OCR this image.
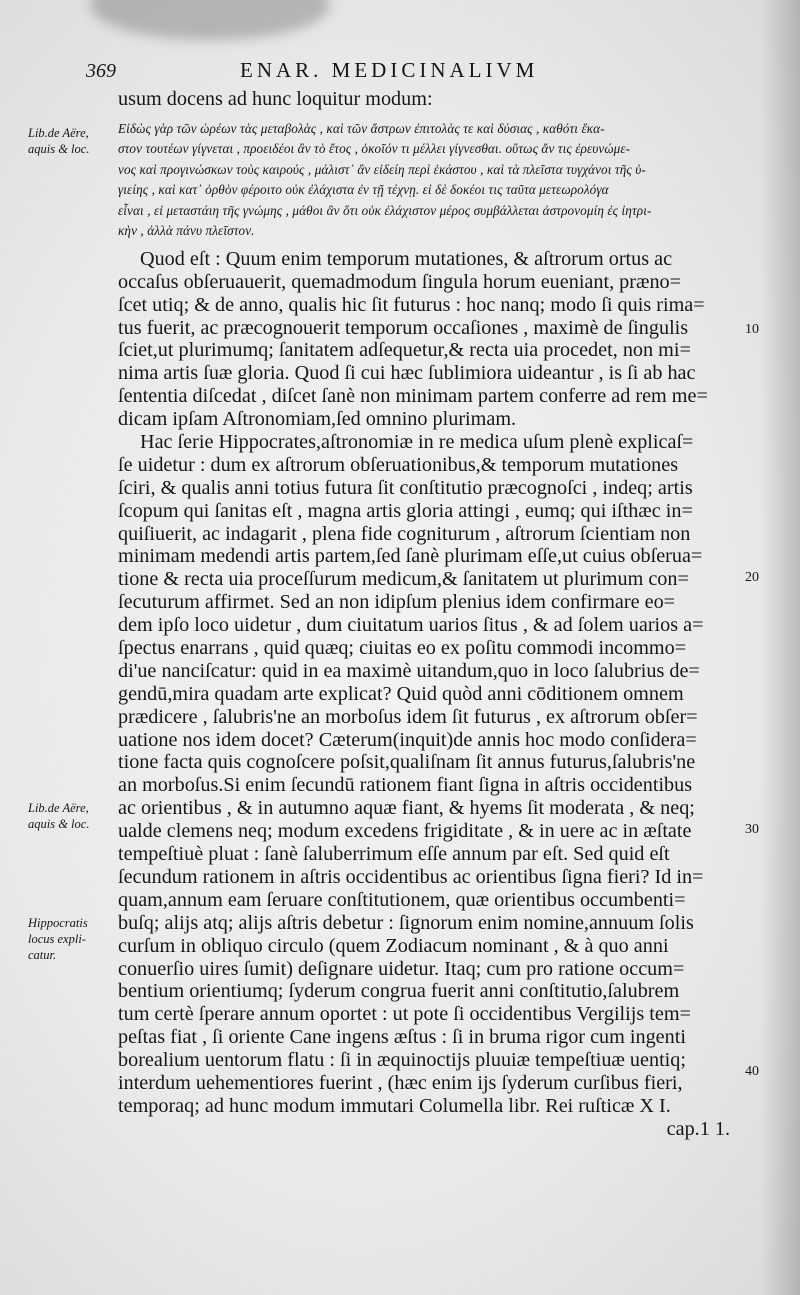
369	ENAR. MEDICINALIVM

Lib.de Aëre,
aquis & loc.

Lib.de Aëre,
aquis & loc.

Hippocratis
locus expli-
catur.

10
20
30
40
usum docens ad hunc loquitur modum:
Εἰδὼς γὰρ τῶν ὡρέων τὰς μεταβολὰς , καὶ τῶν ἄστρων ἐπιτολὰς τε καὶ δύσιας , καθότι ἕκα-
στον τουτέων γίγνεται , προειδέοι ἂν τὸ ἔτος , ὁκοῖόν τι μέλλει γίγνεσθαι. οὕτως ἄν τις ἐρευνώμε-
νος καὶ προγινώσκων τοὺς καιρούς , μάλιστ᾽ ἂν εἰδείη περὶ ἑκάστου , καὶ τὰ πλεῖστα τυγχάνοι τῆς ὑ-
γιείης , καὶ κατ᾽ ὀρθὸν φέροιτο οὐκ ἐλάχιστα ἐν τῇ τέχνῃ. εἰ δὲ δοκέοι τις ταῦτα μετεωρολόγα
εἶναι , εἰ μεταστάιη τῆς γνώμης , μάθοι ἂν ὅτι οὐκ ἐλάχιστον μέρος συμβάλλεται ἀστρονομίη ἐς ἰητρι-
κὴν , ἀλλὰ πάνυ πλεῖστον.
Quod eſt : Quum enim temporum mutationes, & aſtrorum ortus ac
occaſus obſeruauerit, quemadmodum ſingula horum eueniant, præno=
ſcet utiq; & de anno, qualis hic ſit futurus : hoc nanq; modo ſi quis rima=
tus fuerit, ac præcognouerit temporum occaſiones , maximè de ſingulis
ſciet,ut plurimumq; ſanitatem adſequetur,& recta uia procedet, non mi=
nima artis ſuæ gloria. Quod ſi cui hæc ſublimiora uideantur , is ſi ab hac
ſententia diſcedat , diſcet ſanè non minimam partem conferre ad rem me=
dicam ipſam Aſtronomiam,ſed omnino plurimam.
Hac ſerie Hippocrates,aſtronomiæ in re medica uſum plenè explicaſ=
ſe uidetur : dum ex aſtrorum obſeruationibus,& temporum mutationes
ſciri, & qualis anni totius futura ſit conſtitutio præcognoſci , indeq; artis
ſcopum qui ſanitas eſt , magna artis gloria attingi , eumq; qui iſthæc in=
quiſiuerit, ac indagarit , plena fide cogniturum , aſtrorum ſcientiam non
minimam medendi artis partem,ſed ſanè plurimam eſſe,ut cuius obſerua=
tione & recta uia proceſſurum medicum,& ſanitatem ut plurimum con=
ſecuturum affirmet. Sed an non idipſum plenius idem confirmare eo=
dem ipſo loco uidetur , dum ciuitatum uarios ſitus , & ad ſolem uarios a=
ſpectus enarrans , quid quæq; ciuitas eo ex poſitu commodi incommo=
di'ue nanciſcatur: quid in ea maximè uitandum,quo in loco ſalubrius de=
gendū,mira quadam arte explicat? Quid quòd anni cōditionem omnem
prædicere , ſalubris'ne an morboſus idem ſit futurus , ex aſtrorum obſer=
uatione nos idem docet? Cæterum(inquit)de annis hoc modo conſidera=
tione facta quis cognoſcere poſsit,qualiſnam ſit annus futurus,ſalubris'ne
an morboſus.Si enim ſecundū rationem fiant ſigna in aſtris occidentibus
ac orientibus , & in autumno aquæ fiant, & hyems ſit moderata , & neq;
ualde clemens neq; modum excedens frigiditate , & in uere ac in æſtate
tempeſtiuè pluat : ſanè ſaluberrimum eſſe annum par eſt. Sed quid eſt
ſecundum rationem in aſtris occidentibus ac orientibus ſigna fieri? Id in=
quam,annum eam ſeruare conſtitutionem, quæ orientibus occumbenti=
buſq; alijs atq; alijs aſtris debetur : ſignorum enim nomine,annuum ſolis
curſum in obliquo circulo (quem Zodiacum nominant , & à quo anni
conuerſio uires ſumit) deſignare uidetur. Itaq; cum pro ratione occum=
bentium orientiumq; ſyderum congrua fuerit anni conſtitutio,ſalubrem
tum certè ſperare annum oportet : ut pote ſi occidentibus Vergilijs tem=
peſtas fiat , ſi oriente Cane ingens æſtus : ſi in bruma rigor cum ingenti
borealium uentorum flatu : ſi in æquinoctijs pluuiæ tempeſtiuæ uentiq;
interdum uehementiores fuerint , (hæc enim ijs ſyderum curſibus fieri,
temporaq; ad hunc modum immutari Columella libr. Rei ruſticæ X I.
cap.1 1.
